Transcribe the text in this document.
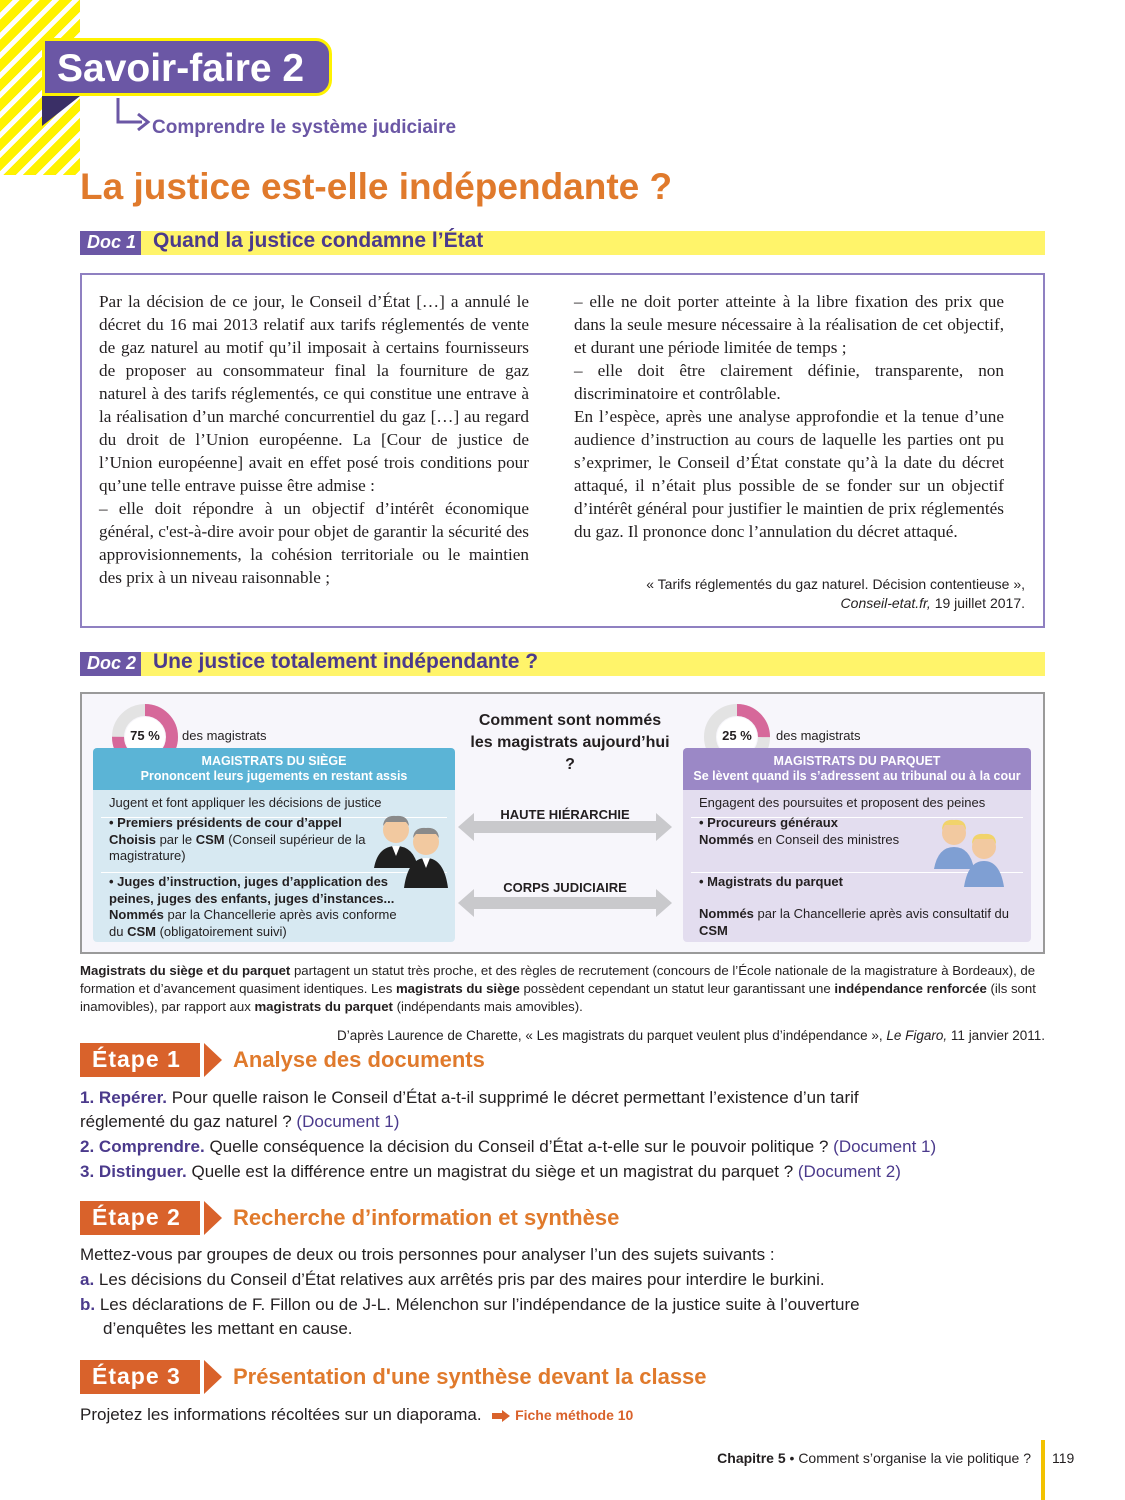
Savoir-faire 2
Comprendre le système judiciaire
La justice est-elle indépendante ?
Doc 1 Quand la justice condamne l’État

Par la décision de ce jour, le Conseil d’État […] a annulé le décret du 16 mai 2013 relatif aux tarifs réglementés de vente de gaz naturel au motif qu’il imposait à certains fournisseurs de proposer au consommateur final la fourniture de gaz naturel à des tarifs réglementés, ce qui constitue une entrave à la réalisation d’un marché concurrentiel du gaz […] au regard du droit de l’Union européenne. La [Cour de justice de l’Union européenne] avait en effet posé trois conditions pour qu’une telle entrave puisse être admise :

– elle doit répondre à un objectif d’intérêt économique général, c'est-à-dire avoir pour objet de garantir la sécurité des approvisionnements, la cohésion territoriale ou le maintien des prix à un niveau raisonnable ;

– elle ne doit porter atteinte à la libre fixation des prix que dans la seule mesure nécessaire à la réalisation de cet objectif, et durant une période limitée de temps ;

– elle doit être clairement définie, transparente, non discriminatoire et contrôlable.

En l’espèce, après une analyse approfondie et la tenue d’une audience d’instruction au cours de laquelle les parties ont pu s’exprimer, le Conseil d’État constate qu’à la date du décret attaqué, il n’était plus possible de se fonder sur un objectif d’intérêt général pour justifier le maintien de prix réglementés du gaz. Il prononce donc l’annulation du décret attaqué.

« Tarifs réglementés du gaz naturel. Décision contentieuse »,
Conseil-etat.fr, 19 juillet 2017.
Doc 2 Une justice totalement indépendante ?
75 %	des magistrats	25 %	des magistrats
MAGISTRATS DU SIÈGE
Prononcent leurs jugements en restant assis
Jugent et font appliquer les décisions de justice
• Premiers présidents de cour d’appel
Choisis par le CSM (Conseil supérieur de la magistrature)
• Juges d’instruction, juges d’application des peines, juges des enfants, juges d’instances...
Nommés par la Chancellerie après avis conforme du CSM (obligatoirement suivi)
MAGISTRATS DU PARQUET
Se lèvent quand ils s’adressent au tribunal ou à la cour
Engagent des poursuites et proposent des peines
• Procureurs généraux
Nommés en Conseil des ministres
• Magistrats du parquet
Nommés par la Chancellerie après avis consultatif du CSM
Comment sont nommés les magistrats aujourd’hui ?
HAUTE HIÉRARCHIE
CORPS JUDICIAIRE
Magistrats du siège et du parquet partagent un statut très proche, et des règles de recrutement (concours de l’École nationale de la magistrature à Bordeaux), de formation et d’avancement quasiment identiques. Les magistrats du siège possèdent cependant un statut leur garantissant une indépendance renforcée (ils sont inamovibles), par rapport aux magistrats du parquet (indépendants mais amovibles).
D’après Laurence de Charette, « Les magistrats du parquet veulent plus d’indépendance », Le Figaro, 11 janvier 2011.
Étape 1	Analyse des documents
1. Repérer. Pour quelle raison le Conseil d’État a-t-il supprimé le décret permettant l’existence d’un tarif réglementé du gaz naturel ? (Document 1)
2. Comprendre. Quelle conséquence la décision du Conseil d’État a-t-elle sur le pouvoir politique ? (Document 1)
3. Distinguer. Quelle est la différence entre un magistrat du siège et un magistrat du parquet ? (Document 2)
Étape 2	Recherche d’information et synthèse
Mettez-vous par groupes de deux ou trois personnes pour analyser l’un des sujets suivants :
a. Les décisions du Conseil d’État relatives aux arrêtés pris par des maires pour interdire le burkini.
b. Les déclarations de F. Fillon ou de J-L. Mélenchon sur l’indépendance de la justice suite à l’ouverture d’enquêtes les mettant en cause.
Étape 3	Présentation d'une synthèse devant la classe
Projetez les informations récoltées sur un diaporama. Fiche méthode 10
Chapitre 5 • Comment s’organise la vie politique ? 119
